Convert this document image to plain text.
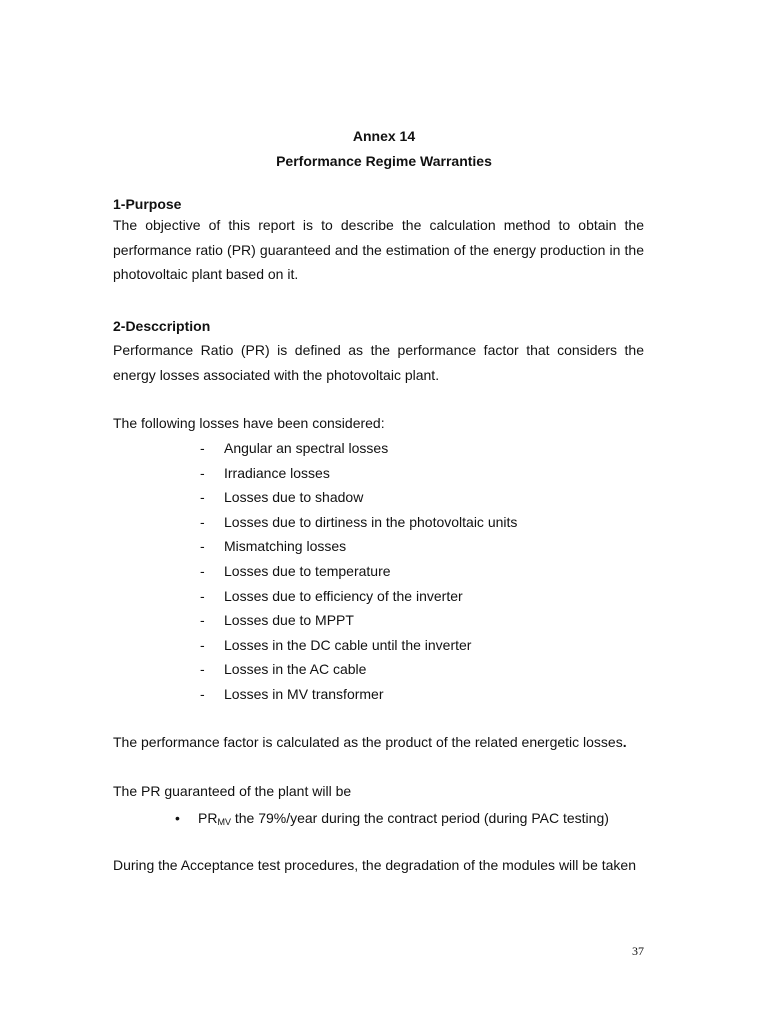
Annex 14
Performance Regime Warranties
1-Purpose

The objective of this report is to describe the calculation method to obtain the performance ratio (PR) guaranteed and the estimation of the energy production in the photovoltaic plant based on it.

2-Desccription

Performance Ratio (PR) is defined as the performance factor that considers the energy losses associated with the photovoltaic plant.

The following losses have been considered:
- Angular an spectral losses
- Irradiance losses
- Losses due to shadow
- Losses due to dirtiness in the photovoltaic units
- Mismatching losses
- Losses due to temperature
- Losses due to efficiency of the inverter
- Losses due to MPPT
- Losses in the DC cable until the inverter
- Losses in the AC cable
- Losses in MV transformer
The performance factor is calculated as the product of the related energetic losses.
The PR guaranteed of the plant will be
• PRMV the 79%/year during the contract period (during PAC testing)
During the Acceptance test procedures, the degradation of the modules will be taken
37
